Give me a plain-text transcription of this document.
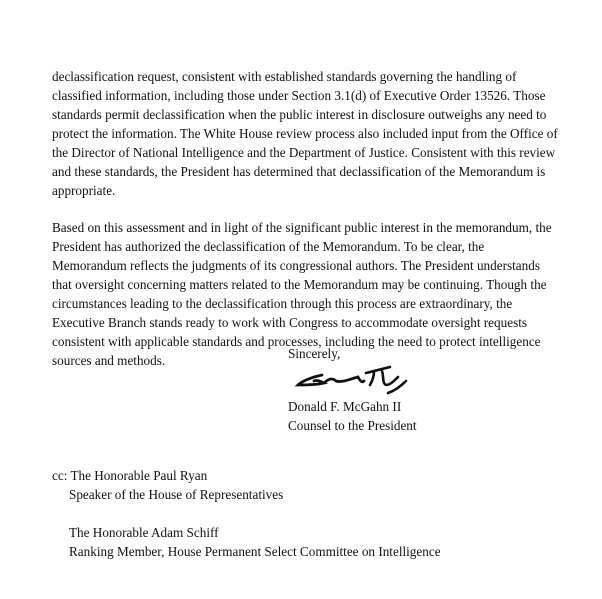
declassification request, consistent with established standards governing the handling of
classified information, including those under Section 3.1(d) of Executive Order 13526. Those
standards permit declassification when the public interest in disclosure outweighs any need to
protect the information. The White House review process also included input from the Office of
the Director of National Intelligence and the Department of Justice. Consistent with this review
and these standards, the President has determined that declassification of the Memorandum is
appropriate.
Based on this assessment and in light of the significant public interest in the memorandum, the
President has authorized the declassification of the Memorandum. To be clear, the
Memorandum reflects the judgments of its congressional authors. The President understands
that oversight concerning matters related to the Memorandum may be continuing. Though the
circumstances leading to the declassification through this process are extraordinary, the
Executive Branch stands ready to work with Congress to accommodate oversight requests
consistent with applicable standards and processes, including the need to protect intelligence
sources and methods.	Sincerely,
Donald F. McGahn II
Counsel to the President
cc: The Honorable Paul Ryan
Speaker of the House of Representatives
The Honorable Adam Schiff
Ranking Member, House Permanent Select Committee on Intelligence
